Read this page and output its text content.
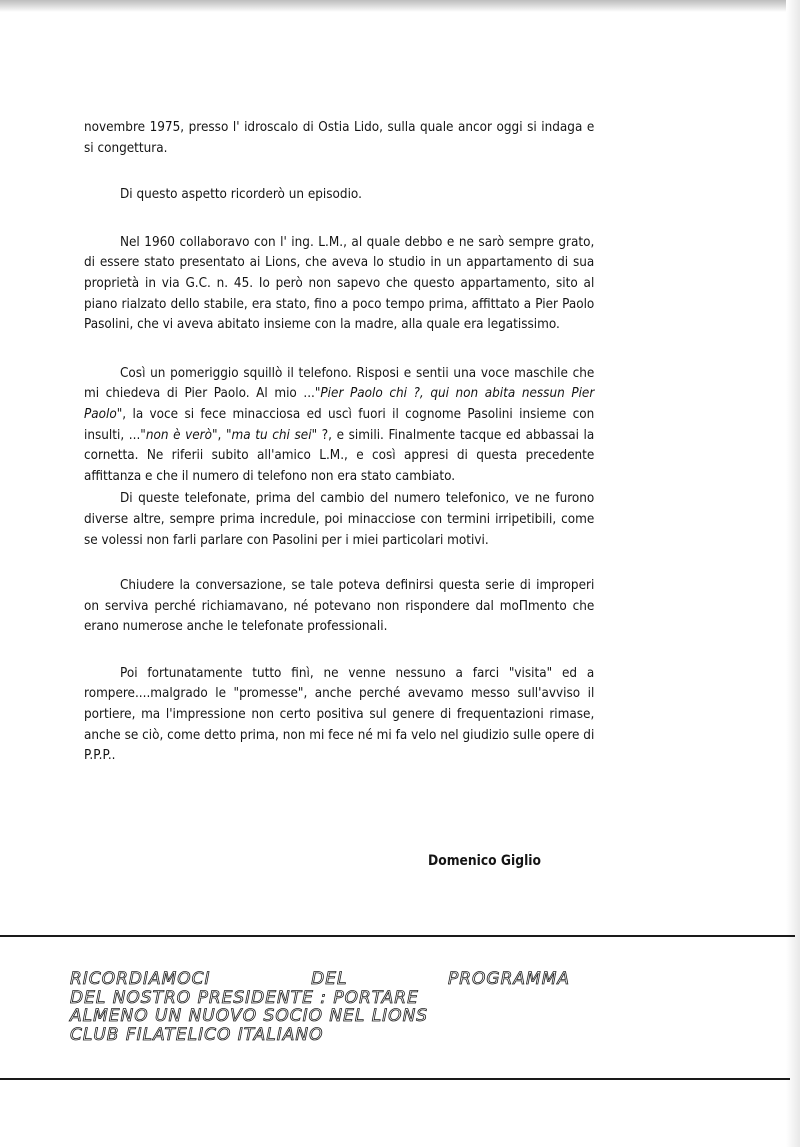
novembre 1975, presso l' idroscalo di Ostia Lido, sulla quale ancor oggi si indaga e si congettura.

Di questo aspetto ricorderò un episodio.

Nel 1960 collaboravo con l' ing. L.M., al quale debbo e ne sarò sempre grato, di essere stato presentato ai Lions, che aveva lo studio in un appartamento di sua proprietà in via G.C. n. 45. Io però non sapevo che questo appartamento, sito al piano rialzato dello stabile, era stato, fino a poco tempo prima, affittato a Pier Paolo Pasolini, che vi aveva abitato insieme con la madre, alla quale era legatissimo.

Così un pomeriggio squillò il telefono. Risposi e sentii una voce maschile che mi chiedeva di Pier Paolo. Al mio ..."Pier Paolo chi ?, qui non abita nessun Pier Paolo", la voce si fece minacciosa ed uscì fuori il cognome Pasolini insieme con insulti, ..."non è verò", "ma tu chi sei" ?, e simili. Finalmente tacque ed abbassai la cornetta. Ne riferii subito all'amico L.M., e così appresi di questa precedente affittanza e che il numero di telefono non era stato cambiato.

Di queste telefonate, prima del cambio del numero telefonico, ve ne furono diverse altre, sempre prima incredule, poi minacciose con termini irripetibili, come se volessi non farli parlare con Pasolini per i miei particolari motivi.

Chiudere la conversazione, se tale poteva definirsi questa serie di improperi on serviva perché richiamavano, né potevano non rispondere dal moΠmento che erano numerose anche le telefonate professionali.

Poi fortunatamente tutto finì, ne venne nessuno a farci "visita" ed a rompere....malgrado le "promesse", anche perché avevamo messo sull'avviso il portiere, ma l'impressione non certo positiva sul genere di frequentazioni rimase, anche se ciò, come detto prima, non mi fece né mi fa velo nel giudizio sulle opere di P.P.P..

Domenico Giglio
RICORDIAMOCI	DEL	PROGRAMMA
DEL NOSTRO PRESIDENTE : PORTARE
ALMENO UN NUOVO SOCIO NEL LIONS
CLUB FILATELICO ITALIANO
